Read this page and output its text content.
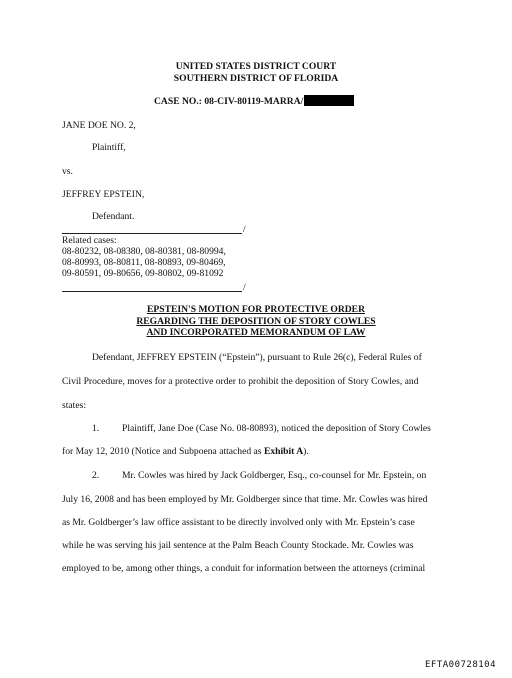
UNITED STATES DISTRICT COURT
SOUTHERN DISTRICT OF FLORIDA
CASE NO.: 08-CIV-80119-MARRA/
JANE DOE NO. 2,
Plaintiff,
vs.
JEFFREY EPSTEIN,
Defendant.
/
Related cases:
08-80232, 08-08380, 08-80381, 08-80994,
08-80993, 08-80811, 08-80893, 09-80469,
09-80591, 09-80656, 09-80802, 09-81092
/
EPSTEIN'S MOTION FOR PROTECTIVE ORDER
REGARDING THE DEPOSITION OF STORY COWLES
AND INCORPORATED MEMORANDUM OF LAW
Defendant, JEFFREY EPSTEIN (“Epstein”), pursuant to Rule 26(c), Federal Rules of
Civil Procedure, moves for a protective order to prohibit the deposition of Story Cowles, and
states:
1. Plaintiff, Jane Doe (Case No. 08-80893), noticed the deposition of Story Cowles
for May 12, 2010 (Notice and Subpoena attached as Exhibit A).
2. Mr. Cowles was hired by Jack Goldberger, Esq., co-counsel for Mr. Epstein, on
July 16, 2008 and has been employed by Mr. Goldberger since that time. Mr. Cowles was hired
as Mr. Goldberger’s law office assistant to be directly involved only with Mr. Epstein’s case
while he was serving his jail sentence at the Palm Beach County Stockade. Mr. Cowles was
employed to be, among other things, a conduit for information between the attorneys (criminal
EFTA00728104
